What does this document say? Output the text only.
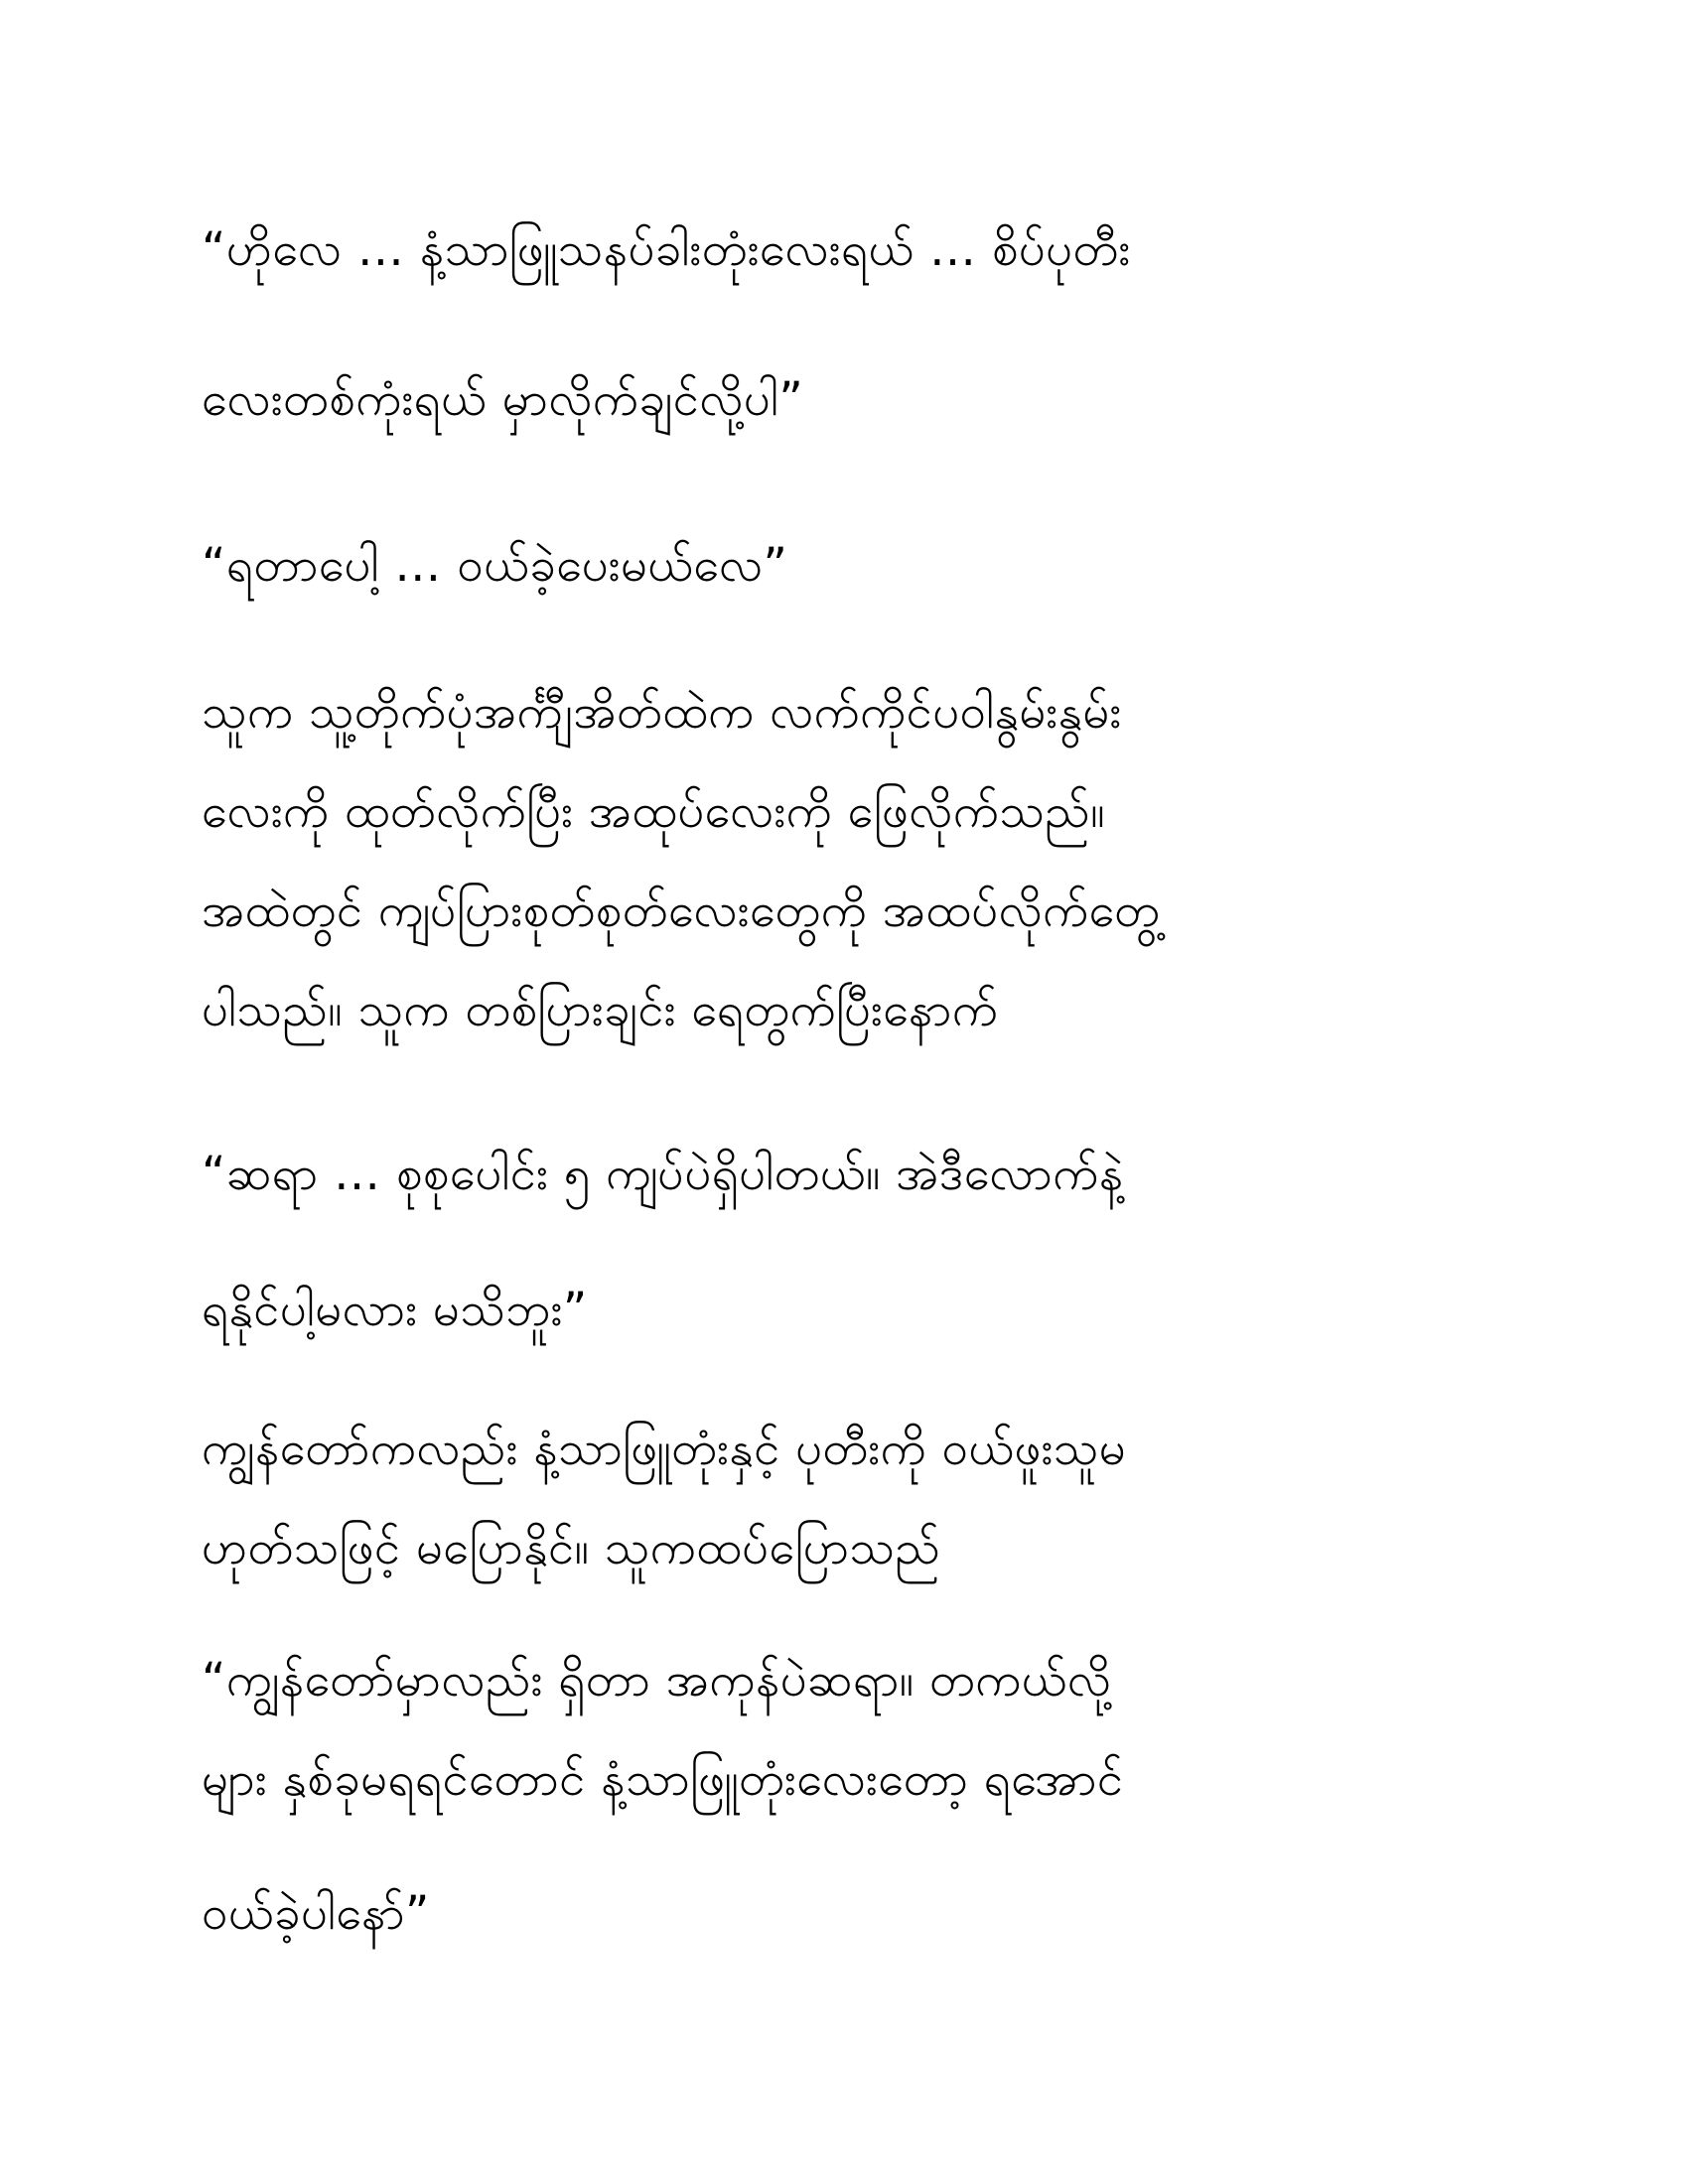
“ဟိုလေ … နံ့သာဖြူသနပ်ခါးတုံးလေးရယ် … စိပ်ပုတီး
လေးတစ်ကုံးရယ် မှာလိုက်ချင်လို့ပါ”
“ရတာပေါ့ … ဝယ်ခဲ့ပေးမယ်လေ”
သူက သူ့တိုက်ပုံအင်္ကျီအိတ်ထဲက လက်ကိုင်ပဝါနွမ်းနွမ်း
လေးကို ထုတ်လိုက်ပြီး အထုပ်လေးကို ဖြေလိုက်သည်။
အထဲတွင် ကျပ်ပြားစုတ်စုတ်လေးတွေကို အထပ်လိုက်တွေ့
ပါသည်။ သူက တစ်ပြားချင်း ရေတွက်ပြီးနောက်
“ဆရာ … စုစုပေါင်း ၅ ကျပ်ပဲရှိပါတယ်။ အဲဒီလောက်နဲ့
ရနိုင်ပါ့မလား မသိဘူး”
ကျွန်တော်ကလည်း နံ့သာဖြူတုံးနှင့် ပုတီးကို ဝယ်ဖူးသူမ
ဟုတ်သဖြင့် မပြောနိုင်။ သူကထပ်ပြောသည်
“ကျွန်တော်မှာလည်း ရှိတာ အကုန်ပဲဆရာ။ တကယ်လို့
များ နှစ်ခုမရရင်တောင် နံ့သာဖြူတုံးလေးတော့ ရအောင်
ဝယ်ခဲ့ပါနော်”
